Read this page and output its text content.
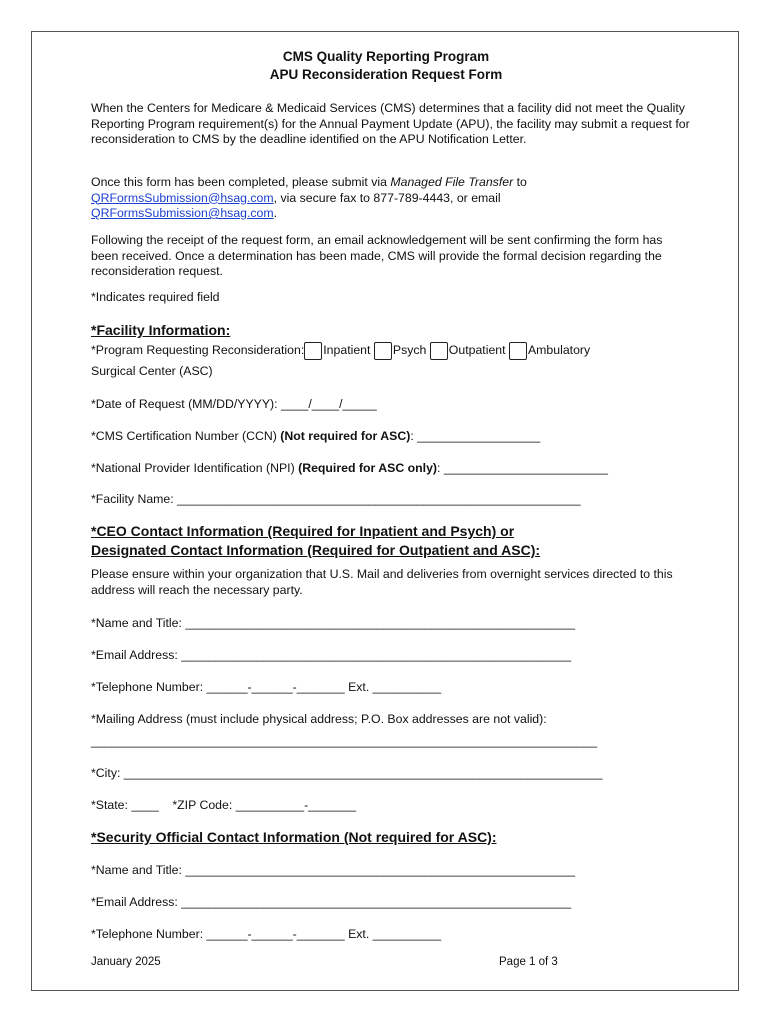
CMS Quality Reporting Program
APU Reconsideration Request Form
When the Centers for Medicare & Medicaid Services (CMS) determines that a facility did not meet the Quality Reporting Program requirement(s) for the Annual Payment Update (APU), the facility may submit a request for reconsideration to CMS by the deadline identified on the APU Notification Letter.
Once this form has been completed, please submit via Managed File Transfer to
QRFormsSubmission@hsag.com, via secure fax to 877-789-4443, or email
QRFormsSubmission@hsag.com.
Following the receipt of the request form, an email acknowledgement will be sent confirming the form has been received. Once a determination has been made, CMS will provide the formal decision regarding the reconsideration request.
*Indicates required field
*Facility Information:
*Program Requesting Reconsideration: Inpatient Psych Outpatient Ambulatory
Surgical Center (ASC)
*Date of Request (MM/DD/YYYY): ____/____/_____
*CMS Certification Number (CCN) (Not required for ASC): __________________
*National Provider Identification (NPI) (Required for ASC only): ________________________
*Facility Name: ___________________________________________________________
*CEO Contact Information (Required for Inpatient and Psych) or
Designated Contact Information (Required for Outpatient and ASC):
Please ensure within your organization that U.S. Mail and deliveries from overnight services directed to this address will reach the necessary party.
*Name and Title: _________________________________________________________
*Email Address: _________________________________________________________
*Telephone Number: ______-______-_______ Ext. __________
*Mailing Address (must include physical address; P.O. Box addresses are not valid):
__________________________________________________________________________
*City: ______________________________________________________________________
*State: ____    *ZIP Code: __________-_______
*Security Official Contact Information (Not required for ASC):
*Name and Title: _________________________________________________________
*Email Address: _________________________________________________________
*Telephone Number: ______-______-_______ Ext. __________
January 2025	Page 1 of 3
